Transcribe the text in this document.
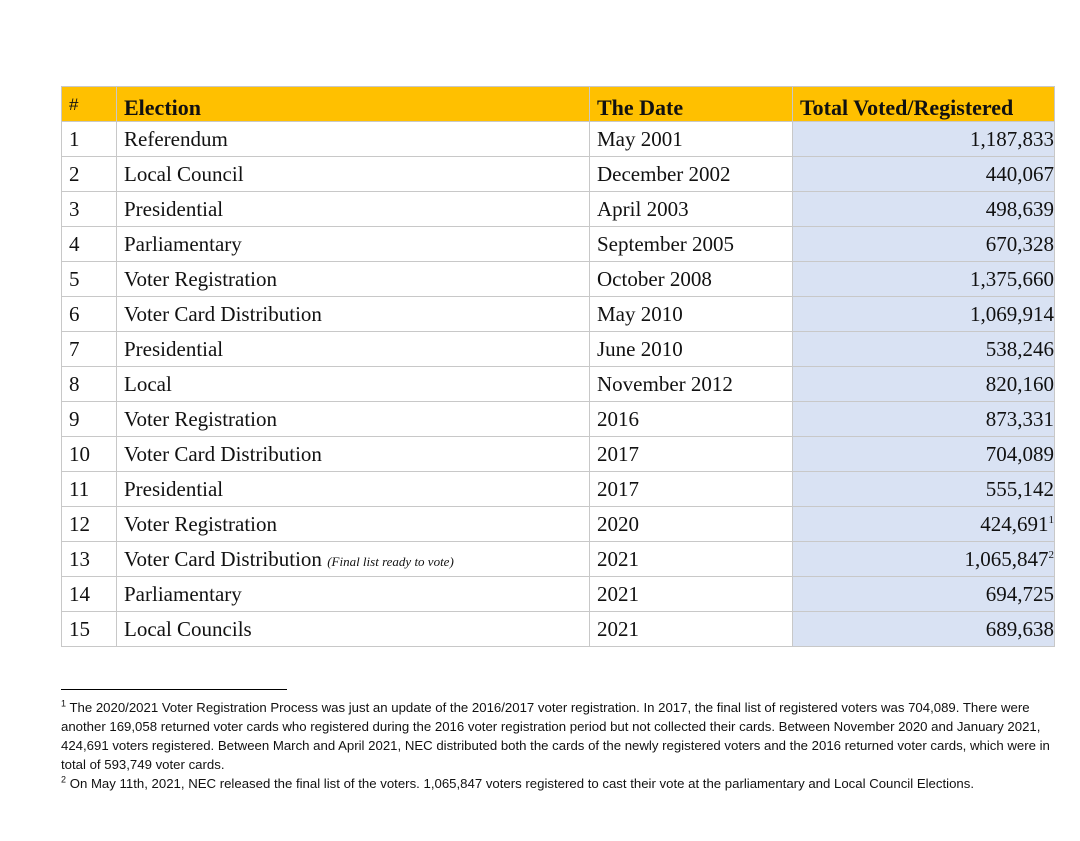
#	Election	The Date	Total Voted/Registered
1	Referendum	May 2001	1,187,833
2	Local Council	December 2002	440,067
3	Presidential	April 2003	498,639
4	Parliamentary	September 2005	670,328
5	Voter Registration	October 2008	1,375,660
6	Voter Card Distribution	May 2010	1,069,914
7	Presidential	June 2010	538,246
8	Local	November 2012	820,160
9	Voter Registration	2016	873,331
10	Voter Card Distribution	2017	704,089
11	Presidential	2017	555,142
12	Voter Registration	2020	424,691$^1$
13	Voter Card Distribution (Final list ready to vote)	2021	1,065,847$^2$
14	Parliamentary	2021	694,725
15	Local Councils	2021	689,638

$^1$ The 2020/2021 Voter Registration Process was just an update of the 2016/2017 voter registration. In 2017, the final list of registered voters was 704,089. There were another 169,058 returned voter cards who registered during the 2016 voter registration period but not collected their cards. Between November 2020 and January 2021, 424,691 voters registered. Between March and April 2021, NEC distributed both the cards of the newly registered voters and the 2016 returned voter cards, which were in total of 593,749 voter cards.

$^2$ On May 11th, 2021, NEC released the final list of the voters. 1,065,847 voters registered to cast their vote at the parliamentary and Local Council Elections.
